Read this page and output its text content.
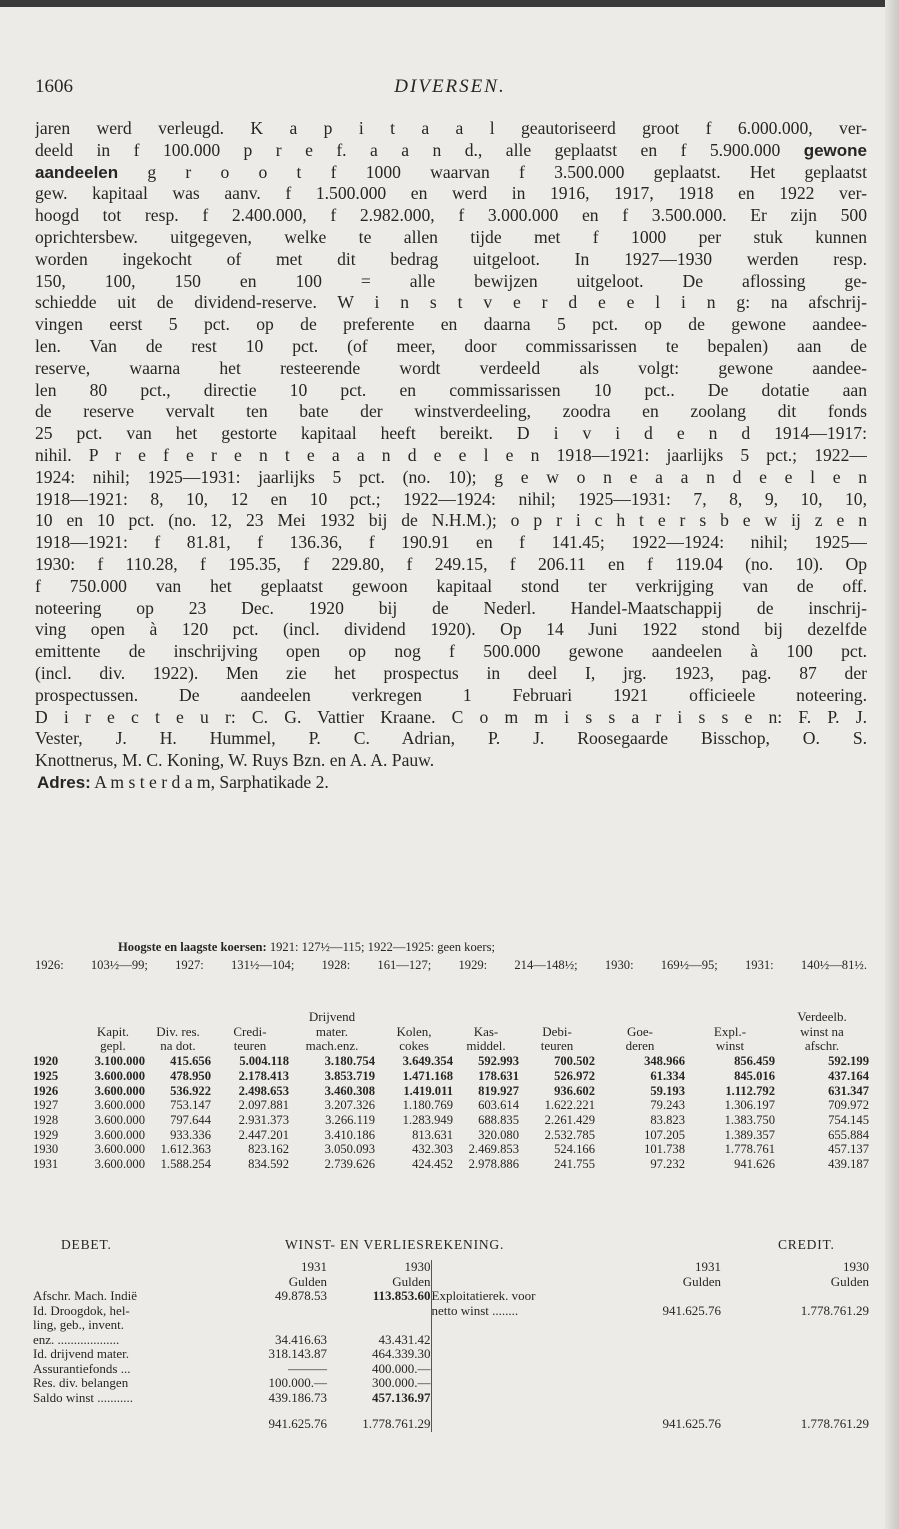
1606	DIVERSEN.
jaren werd verleugd. K a p i t a a l geautoriseerd groot f 6.000.000, ver-
deeld in f 100.000 p r e f. a a n d., alle geplaatst en f 5.900.000 gewone
aandeelen g r o o t f 1000 waarvan f 3.500.000 geplaatst. Het geplaatst
gew. kapitaal was aanv. f 1.500.000 en werd in 1916, 1917, 1918 en 1922 ver-
hoogd tot resp. f 2.400.000, f 2.982.000, f 3.000.000 en f 3.500.000. Er zijn 500
oprichtersbew. uitgegeven, welke te allen tijde met f 1000 per stuk kunnen
worden ingekocht of met dit bedrag uitgeloot. In 1927—1930 werden resp.
150, 100, 150 en 100 = alle bewijzen uitgeloot. De aflossing ge-
schiedde uit de dividend-reserve. W i n s t v e r d e e l i n g: na afschrij-
vingen eerst 5 pct. op de preferente en daarna 5 pct. op de gewone aandee-
len. Van de rest 10 pct. (of meer, door commissarissen te bepalen) aan de
reserve, waarna het resteerende wordt verdeeld als volgt: gewone aandee-
len 80 pct., directie 10 pct. en commissarissen 10 pct.. De dotatie aan
de reserve vervalt ten bate der winstverdeeling, zoodra en zoolang dit fonds
25 pct. van het gestorte kapitaal heeft bereikt. D i v i d e n d 1914—1917:
nihil. P r e f e r e n t e a a n d e e l e n 1918—1921: jaarlijks 5 pct.; 1922—
1924: nihil; 1925—1931: jaarlijks 5 pct. (no. 10); g e w o n e a a n d e e l e n
1918—1921: 8, 10, 12 en 10 pct.; 1922—1924: nihil; 1925—1931: 7, 8, 9, 10, 10,
10 en 10 pct. (no. 12, 23 Mei 1932 bij de N.H.M.); o p r i c h t e r s b e w ij z e n
1918—1921: f 81.81, f 136.36, f 190.91 en f 141.45; 1922—1924: nihil; 1925—
1930: f 110.28, f 195.35, f 229.80, f 249.15, f 206.11 en f 119.04 (no. 10). Op
f 750.000 van het geplaatst gewoon kapitaal stond ter verkrijging van de off.
noteering op 23 Dec. 1920 bij de Nederl. Handel-Maatschappij de inschrij-
ving open à 120 pct. (incl. dividend 1920). Op 14 Juni 1922 stond bij dezelfde
emittente de inschrijving open op nog f 500.000 gewone aandeelen à 100 pct.
(incl. div. 1922). Men zie het prospectus in deel I, jrg. 1923, pag. 87 der
prospectussen. De aandeelen verkregen 1 Februari 1921 officieele noteering.
D i r e c t e u r: C. G. Vattier Kraane. C o m m i s s a r i s s e n: F. P. J.
Vester, J. H. Hummel, P. C. Adrian, P. J. Roosegaarde Bisschop, O. S.
Knottnerus, M. C. Koning, W. Ruys Bzn. en A. A. Pauw.
Adres: A m s t e r d a m, Sarphatikade 2.
Hoogste en laagste koersen: 1921: 127½—115; 1922—1925: geen koers;
1926: 103½—99; 1927: 131½—104; 1928: 161—127; 1929: 214—148½; 1930: 169½—95; 1931: 140½—81½.
				Drijvend						Verdeelb.
	Kapit.	Div. res.	Credi-	mater.	Kolen,	Kas-	Debi-	Goe-	Expl.-	winst na
	gepl.	na dot.	teuren	mach.enz.	cokes	middel.	teuren	deren	winst	afschr.
1920	3.100.000	415.656	5.004.118	3.180.754	3.649.354	592.993	700.502	348.966	856.459	592.199
1925	3.600.000	478.950	2.178.413	3.853.719	1.471.168	178.631	526.972	61.334	845.016	437.164
1926	3.600.000	536.922	2.498.653	3.460.308	1.419.011	819.927	936.602	59.193	1.112.792	631.347
1927	3.600.000	753.147	2.097.881	3.207.326	1.180.769	603.614	1.622.221	79.243	1.306.197	709.972
1928	3.600.000	797.644	2.931.373	3.266.119	1.283.949	688.835	2.261.429	83.823	1.383.750	754.145
1929	3.600.000	933.336	2.447.201	3.410.186	813.631	320.080	2.532.785	107.205	1.389.357	655.884
1930	3.600.000	1.612.363	823.162	3.050.093	432.303	2.469.853	524.166	101.738	1.778.761	457.137
1931	3.600.000	1.588.254	834.592	2.739.626	424.452	2.978.886	241.755	97.232	941.626	439.187
DEBET.	WINST- EN VERLIESREKENING.	CREDIT.
	1931	1930		1931	1930
	Gulden	Gulden		Gulden	Gulden
Afschr. Mach. Indië	49.878.53	113.853.60	Exploitatierek. voor		
Id. Droogdok, hel-			netto winst ........	941.625.76	1.778.761.29
ling, geb., invent.					
enz. ...................	34.416.63	43.431.42			
Id. drijvend mater.	318.143.87	464.339.30			
Assurantiefonds ...	———	400.000.—			
Res. div. belangen	100.000.—	300.000.—			
Saldo winst ...........	439.186.73	457.136.97			
	941.625.76	1.778.761.29		941.625.76	1.778.761.29
